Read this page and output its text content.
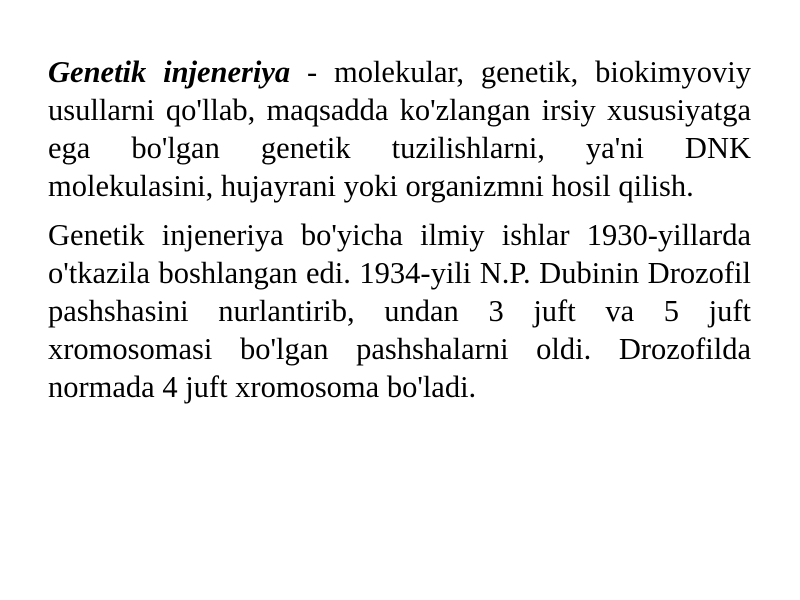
Genetik injeneriya - molekular, genetik, biokimyoviy usullarni qo'llab, maqsadda ko'zlangan irsiy xususiyatga ega bo'lgan genetik tuzilishlarni, ya'ni DNK molekulasini, hujayrani yoki organizmni hosil qilish.

Genetik injeneriya bo'yicha ilmiy ishlar 1930-yillarda o'tkazila boshlangan edi. 1934-yili N.P. Dubinin Drozofil pashshasini nurlantirib, undan 3 juft va 5 juft xromosomasi bo'lgan pashshalarni oldi. Drozofilda normada 4 juft xromosoma bo'ladi.
